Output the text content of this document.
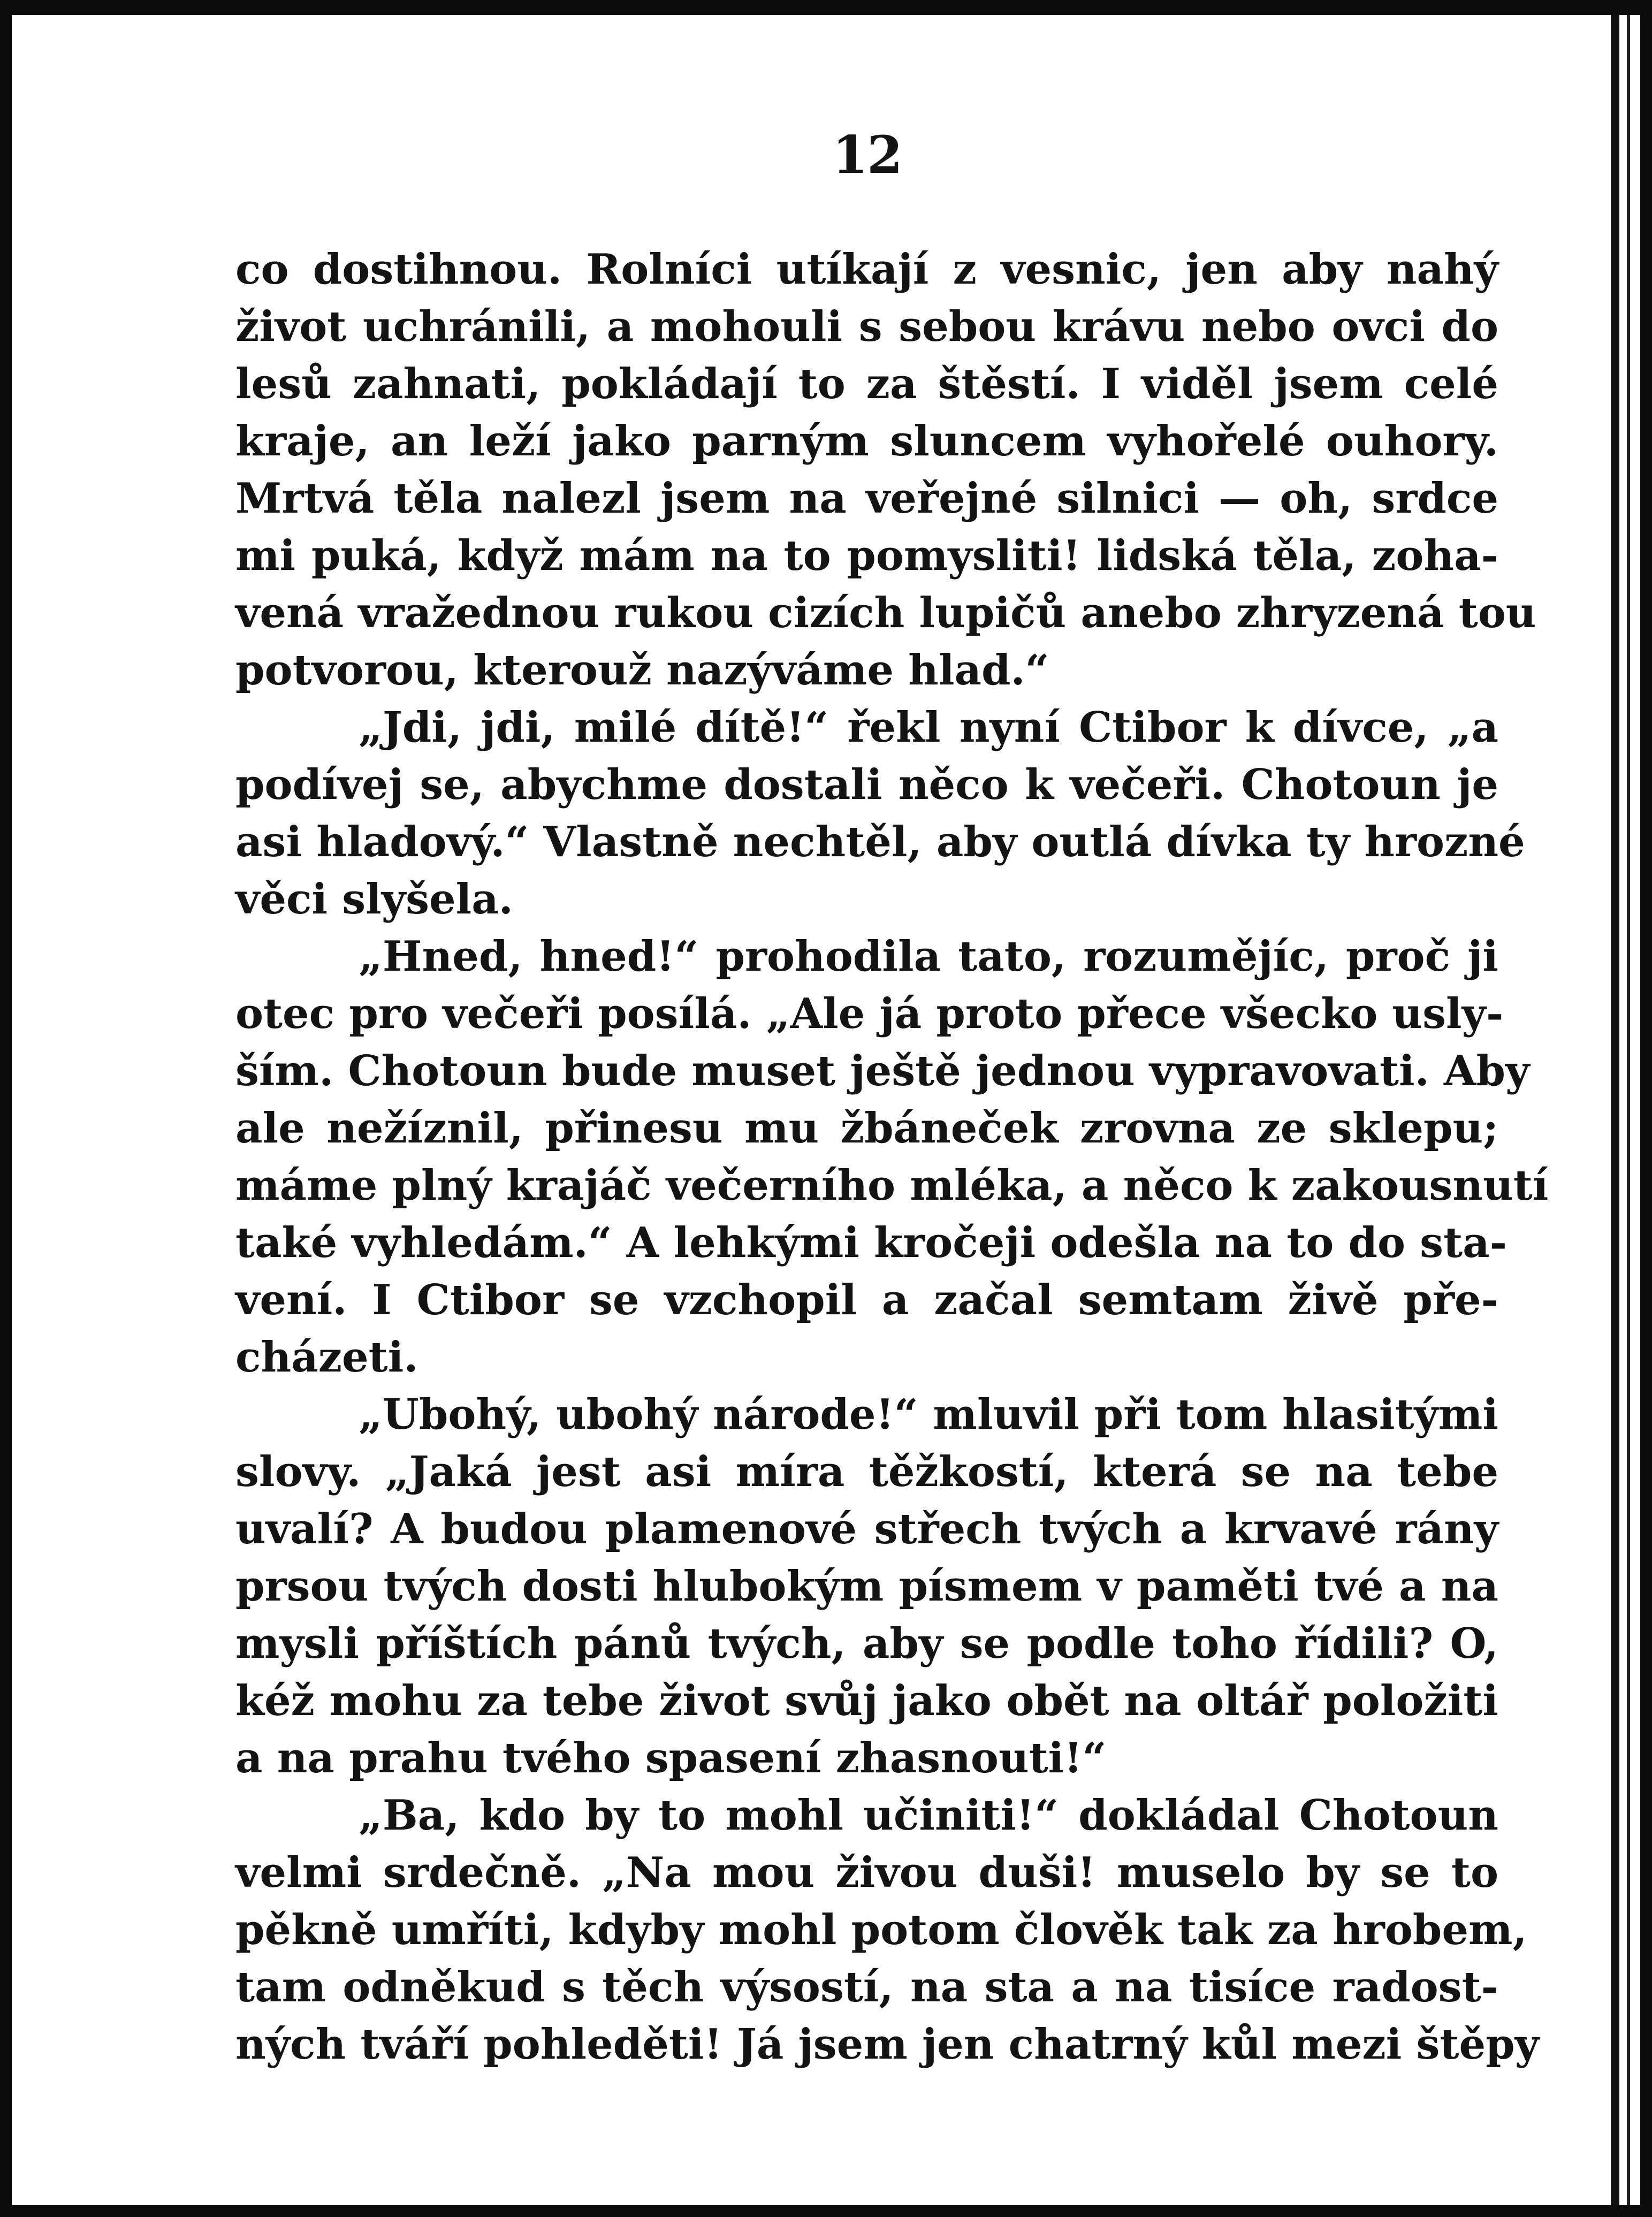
12
co dostihnou. Rolníci utíkají z vesnic, jen aby nahý
život uchránili, a mohouli s sebou krávu nebo ovci do
lesů zahnati, pokládají to za štěstí. I viděl jsem celé
kraje, an leží jako parným sluncem vyhořelé ouhory.
Mrtvá těla nalezl jsem na veřejné silnici — oh, srdce
mi puká, když mám na to pomysliti! lidská těla, zoha-
vená vražednou rukou cizích lupičů anebo zhryzená tou
potvorou, kterouž nazýváme hlad.“
„Jdi, jdi, milé dítě!“ řekl nyní Ctibor k dívce, „a
podívej se, abychme dostali něco k večeři. Chotoun je
asi hladový.“ Vlastně nechtěl, aby outlá dívka ty hrozné
věci slyšela.
„Hned, hned!“ prohodila tato, rozumějíc, proč ji
otec pro večeři posílá. „Ale já proto přece všecko usly-
ším. Chotoun bude muset ještě jednou vypravovati. Aby
ale nežíznil, přinesu mu žbáneček zrovna ze sklepu;
máme plný krajáč večerního mléka, a něco k zakousnutí
také vyhledám.“ A lehkými kročeji odešla na to do sta-
vení. I Ctibor se vzchopil a začal semtam živě pře-
cházeti.
„Ubohý, ubohý národe!“ mluvil při tom hlasitými
slovy. „Jaká jest asi míra těžkostí, která se na tebe
uvalí? A budou plamenové střech tvých a krvavé rány
prsou tvých dosti hlubokým písmem v paměti tvé a na
mysli příštích pánů tvých, aby se podle toho řídili? O,
kéž mohu za tebe život svůj jako obět na oltář položiti
a na prahu tvého spasení zhasnouti!“
„Ba, kdo by to mohl učiniti!“ dokládal Chotoun
velmi srdečně. „Na mou živou duši! muselo by se to
pěkně umříti, kdyby mohl potom člověk tak za hrobem,
tam odněkud s těch výsostí, na sta a na tisíce radost-
ných tváří pohleděti! Já jsem jen chatrný kůl mezi štěpy
